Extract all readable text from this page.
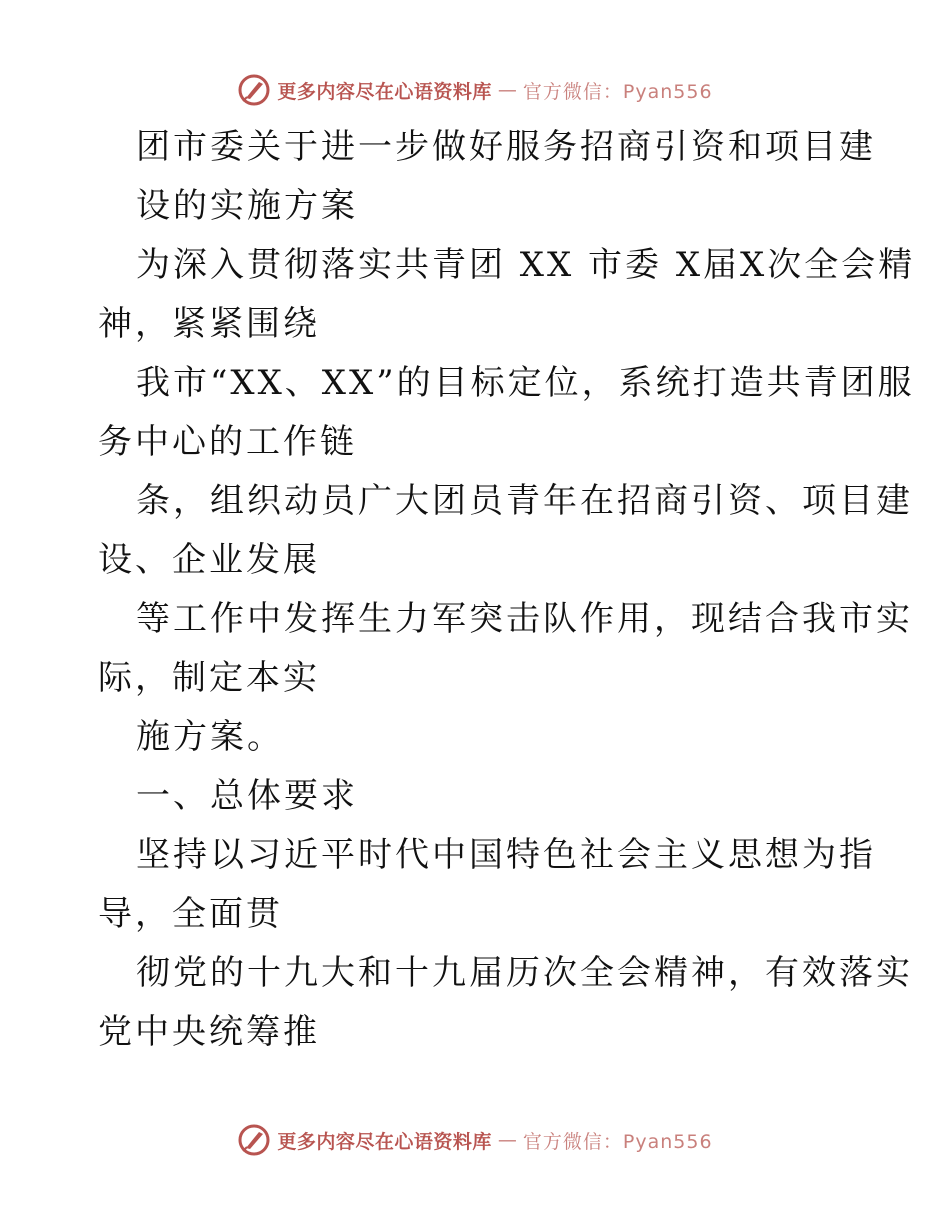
更多内容尽在心语资料库 — 官方微信：Pyan556
团市委关于进一步做好服务招商引资和项目建
设的实施方案
为深入贯彻落实共青团 XX 市委 X届X次全会精
神，紧紧围绕
我市“XX、XX”的目标定位，系统打造共青团服
务中心的工作链
条，组织动员广大团员青年在招商引资、项目建
设、企业发展
等工作中发挥生力军突击队作用，现结合我市实
际，制定本实
施方案。
一、总体要求
坚持以习近平时代中国特色社会主义思想为指
导，全面贯
彻党的十九大和十九届历次全会精神，有效落实
党中央统筹推
更多内容尽在心语资料库 — 官方微信：Pyan556
